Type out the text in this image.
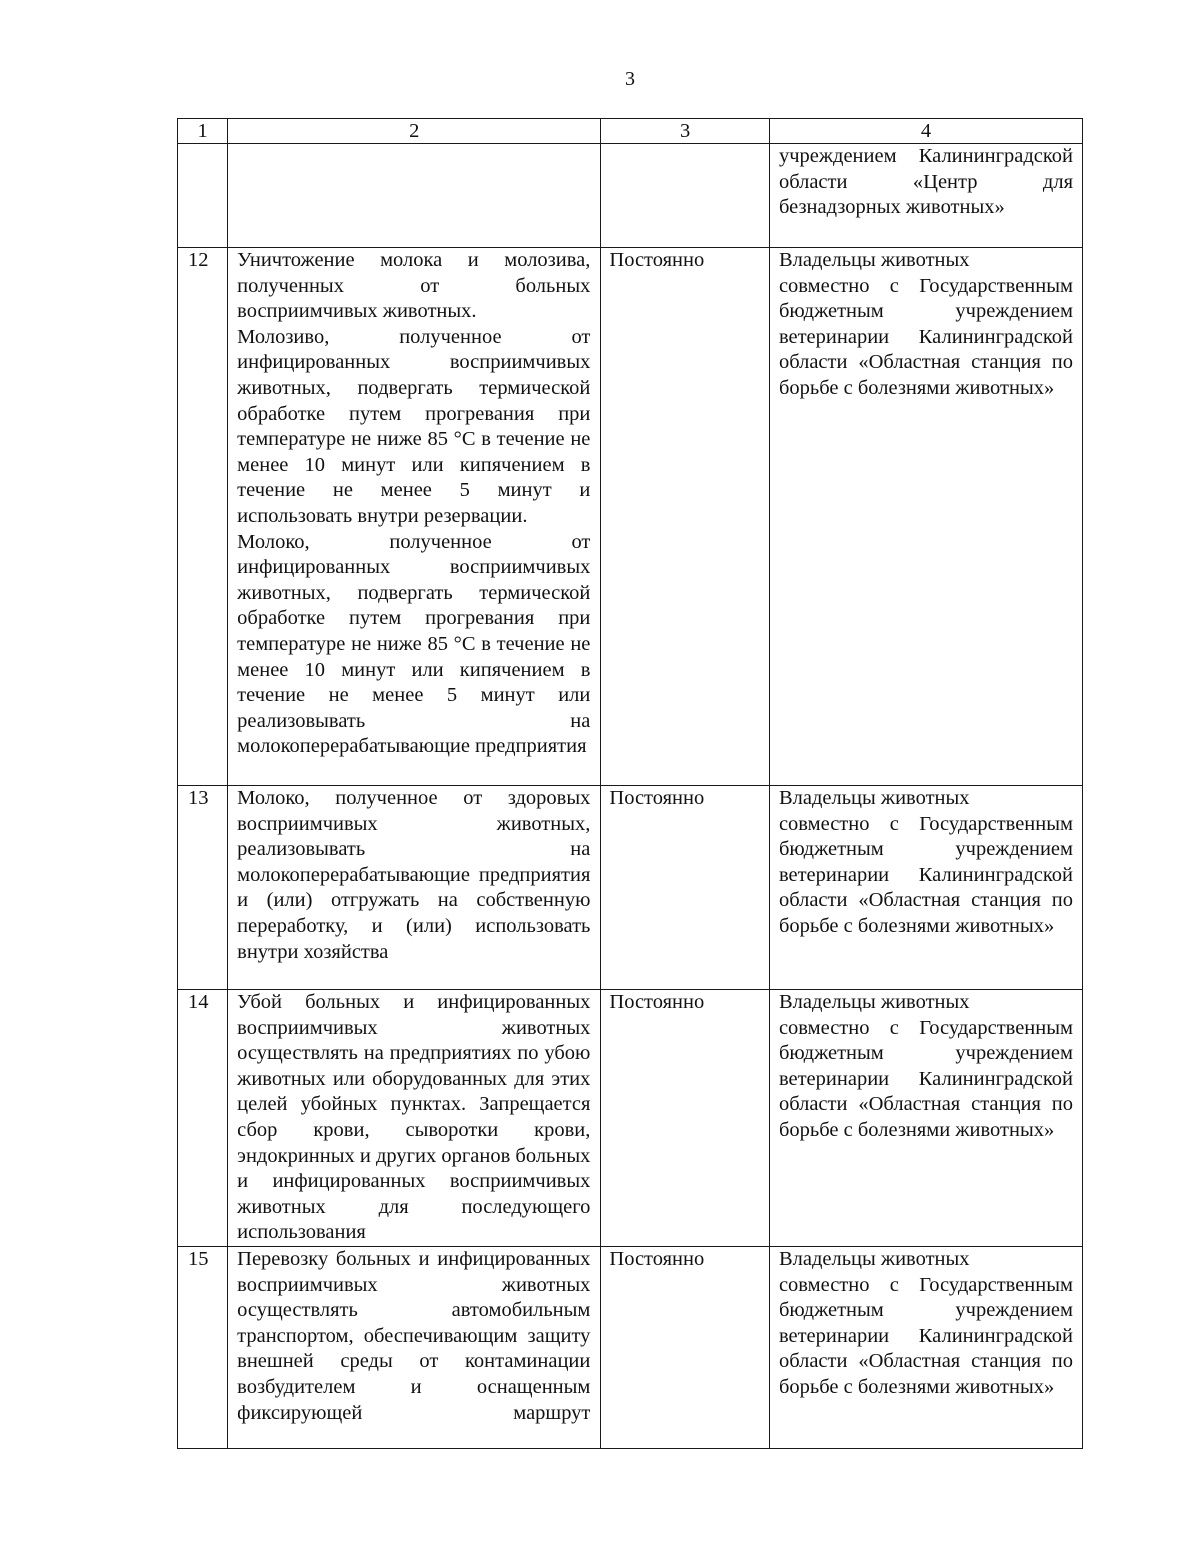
3
1	2	3	4

			учреждением Калининградской области «Центр для безнадзорных животных»

12	Уничтожение молока и молозива, полученных от больных восприимчивых животных.
Молозиво, полученное от инфицированных восприимчивых животных, подвергать термической обработке путем прогревания при температуре не ниже 85 °C в течение не менее 10 минут или кипячением в течение не менее 5 минут и использовать внутри резервации.
Молоко, полученное от инфицированных восприимчивых животных, подвергать термической обработке путем прогревания при температуре не ниже 85 °C в течение не менее 10 минут или кипячением в течение не менее 5 минут или реализовывать на молокоперерабатывающие предприятия	Постоянно	Владельцы животных
совместно с Государственным бюджетным учреждением ветеринарии Калининградской области «Областная станция по борьбе с болезнями животных»

13	Молоко, полученное от здоровых восприимчивых животных, реализовывать на молокоперерабатывающие предприятия и (или) отгружать на собственную переработку, и (или) использовать внутри хозяйства	Постоянно	Владельцы животных
совместно с Государственным бюджетным учреждением ветеринарии Калининградской области «Областная станция по борьбе с болезнями животных»

14	Убой больных и инфицированных восприимчивых животных осуществлять на предприятиях по убою животных или оборудованных для этих целей убойных пунктах. Запрещается сбор крови, сыворотки крови, эндокринных и других органов больных и инфицированных восприимчивых животных для последующего использования	Постоянно	Владельцы животных
совместно с Государственным бюджетным учреждением ветеринарии Калининградской области «Областная станция по борьбе с болезнями животных»

15	Перевозку больных и инфицированных восприимчивых животных осуществлять автомобильным транспортом, обеспечивающим защиту внешней среды от контаминации возбудителем и оснащенным фиксирующей маршрут	Постоянно	Владельцы животных
совместно с Государственным бюджетным учреждением ветеринарии Калининградской области «Областная станция по борьбе с болезнями животных»
